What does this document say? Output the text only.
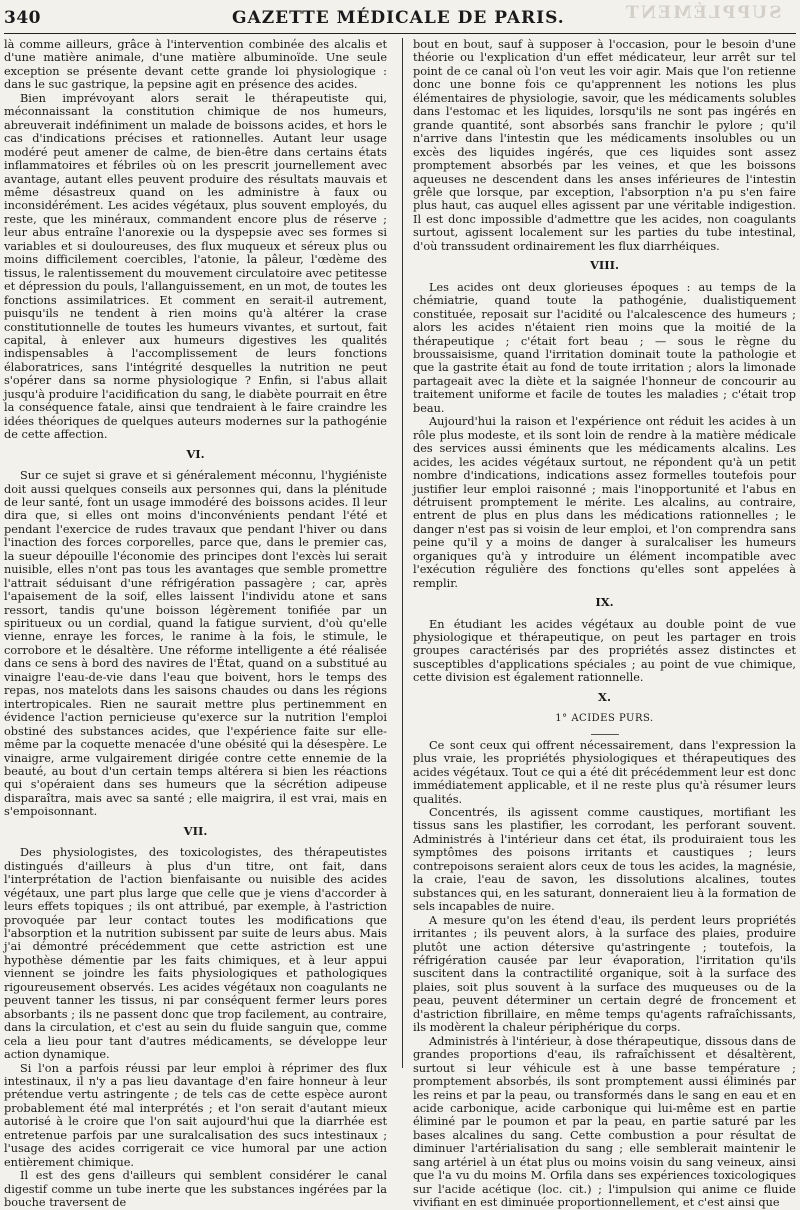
340	GAZETTE MÉDICALE DE PARIS.	SUPPLÉMENT

là comme ailleurs, grâce à l'intervention combinée des alcalis et d'une matière animale, d'une matière albuminoïde. Une seule exception se présente devant cette grande loi physiologique : dans le suc gastrique, la pepsine agit en présence des acides.

Bien imprévoyant alors serait le thérapeutiste qui, méconnaissant la constitution chimique de nos humeurs, abreuverait indéfiniment un malade de boissons acides, et hors le cas d'indications précises et rationnelles. Autant leur usage modéré peut amener de calme, de bien-être dans certains états inflammatoires et fébriles où on les prescrit journellement avec avantage, autant elles peuvent produire des résultats mauvais et même désastreux quand on les administre à faux ou inconsidérément. Les acides végétaux, plus souvent employés, du reste, que les minéraux, commandent encore plus de réserve ; leur abus entraîne l'anorexie ou la dyspepsie avec ses formes si variables et si douloureuses, des flux muqueux et séreux plus ou moins difficilement coercibles, l'atonie, la pâleur, l'œdème des tissus, le ralentissement du mouvement circulatoire avec petitesse et dépression du pouls, l'allanguissement, en un mot, de toutes les fonctions assimilatrices. Et comment en serait-il autrement, puisqu'ils ne tendent à rien moins qu'à altérer la crase constitutionnelle de toutes les humeurs vivantes, et surtout, fait capital, à enlever aux humeurs digestives les qualités indispensables à l'accomplissement de leurs fonctions élaboratrices, sans l'intégrité desquelles la nutrition ne peut s'opérer dans sa norme physiologique ? Enfin, si l'abus allait jusqu'à produire l'acidification du sang, le diabète pourrait en être la conséquence fatale, ainsi que tendraient à le faire craindre les idées théoriques de quelques auteurs modernes sur la pathogénie de cette affection.

VI.

Sur ce sujet si grave et si généralement méconnu, l'hygiéniste doit aussi quelques conseils aux personnes qui, dans la plénitude de leur santé, font un usage immodéré des boissons acides. Il leur dira que, si elles ont moins d'inconvénients pendant l'été et pendant l'exercice de rudes travaux que pendant l'hiver ou dans l'inaction des forces corporelles, parce que, dans le premier cas, la sueur dépouille l'économie des principes dont l'excès lui serait nuisible, elles n'ont pas tous les avantages que semble promettre l'attrait séduisant d'une réfrigération passagère ; car, après l'apaisement de la soif, elles laissent l'individu atone et sans ressort, tandis qu'une boisson légèrement tonifiée par un spiritueux ou un cordial, quand la fatigue survient, d'où qu'elle vienne, enraye les forces, le ranime à la fois, le stimule, le corrobore et le désaltère. Une réforme intelligente a été réalisée dans ce sens à bord des navires de l'État, quand on a substitué au vinaigre l'eau-de-vie dans l'eau que boivent, hors le temps des repas, nos matelots dans les saisons chaudes ou dans les régions intertropicales. Rien ne saurait mettre plus pertinemment en évidence l'action pernicieuse qu'exerce sur la nutrition l'emploi obstiné des substances acides, que l'expérience faite sur elle-même par la coquette menacée d'une obésité qui la désespère. Le vinaigre, arme vulgairement dirigée contre cette ennemie de la beauté, au bout d'un certain temps altérera si bien les réactions qui s'opéraient dans ses humeurs que la sécrétion adipeuse disparaîtra, mais avec sa santé ; elle maigrira, il est vrai, mais en s'empoisonnant.

VII.

Des physiologistes, des toxicologistes, des thérapeutistes distingués d'ailleurs à plus d'un titre, ont fait, dans l'interprétation de l'action bienfaisante ou nuisible des acides végétaux, une part plus large que celle que je viens d'accorder à leurs effets topiques ; ils ont attribué, par exemple, à l'astriction provoquée par leur contact toutes les modifications que l'absorption et la nutrition subissent par suite de leurs abus. Mais j'ai démontré précédemment que cette astriction est une hypothèse démentie par les faits chimiques, et à leur appui viennent se joindre les faits physiologiques et pathologiques rigoureusement observés. Les acides végétaux non coagulants ne peuvent tanner les tissus, ni par conséquent fermer leurs pores absorbants ; ils ne passent donc que trop facilement, au contraire, dans la circulation, et c'est au sein du fluide sanguin que, comme cela a lieu pour tant d'autres médicaments, se développe leur action dynamique.

Si l'on a parfois réussi par leur emploi à réprimer des flux intestinaux, il n'y a pas lieu davantage d'en faire honneur à leur prétendue vertu astringente ; de tels cas de cette espèce auront probablement été mal interprétés ; et l'on serait d'autant mieux autorisé à le croire que l'on sait aujourd'hui que la diarrhée est entretenue parfois par une suralcalisation des sucs intestinaux ; l'usage des acides corrigerait ce vice humoral par une action entièrement chimique.

Il est des gens d'ailleurs qui semblent considérer le canal digestif comme un tube inerte que les substances ingérées par la bouche traversent de

bout en bout, sauf à supposer à l'occasion, pour le besoin d'une théorie ou l'explication d'un effet médicateur, leur arrêt sur tel point de ce canal où l'on veut les voir agir. Mais que l'on retienne donc une bonne fois ce qu'apprennent les notions les plus élémentaires de physiologie, savoir, que les médicaments solubles dans l'estomac et les liquides, lorsqu'ils ne sont pas ingérés en grande quantité, sont absorbés sans franchir le pylore ; qu'il n'arrive dans l'intestin que les médicaments insolubles ou un excès des liquides ingérés, que ces liquides sont assez promptement absorbés par les veines, et que les boissons aqueuses ne descendent dans les anses inférieures de l'intestin grêle que lorsque, par exception, l'absorption n'a pu s'en faire plus haut, cas auquel elles agissent par une véritable indigestion. Il est donc impossible d'admettre que les acides, non coagulants surtout, agissent localement sur les parties du tube intestinal, d'où transsudent ordinairement les flux diarrhéiques.

VIII.

Les acides ont deux glorieuses époques : au temps de la chémiatrie, quand toute la pathogénie, dualistiquement constituée, reposait sur l'acidité ou l'alcalescence des humeurs ; alors les acides n'étaient rien moins que la moitié de la thérapeutique ; c'était fort beau ; — sous le règne du broussaisisme, quand l'irritation dominait toute la pathologie et que la gastrite était au fond de toute irritation ; alors la limonade partageait avec la diète et la saignée l'honneur de concourir au traitement uniforme et facile de toutes les maladies ; c'était trop beau.

Aujourd'hui la raison et l'expérience ont réduit les acides à un rôle plus modeste, et ils sont loin de rendre à la matière médicale des services aussi éminents que les médicaments alcalins. Les acides, les acides végétaux surtout, ne répondent qu'à un petit nombre d'indications, indications assez formelles toutefois pour justifier leur emploi raisonné ; mais l'inopportunité et l'abus en détruisent promptement le mérite. Les alcalins, au contraire, entrent de plus en plus dans les médications rationnelles ; le danger n'est pas si voisin de leur emploi, et l'on comprendra sans peine qu'il y a moins de danger à suralcaliser les humeurs organiques qu'à y introduire un élément incompatible avec l'exécution régulière des fonctions qu'elles sont appelées à remplir.

IX.

En étudiant les acides végétaux au double point de vue physiologique et thérapeutique, on peut les partager en trois groupes caractérisés par des propriétés assez distinctes et susceptibles d'applications spéciales ; au point de vue chimique, cette division est également rationnelle.

X.
1° ACIDES PURS.

Ce sont ceux qui offrent nécessairement, dans l'expression la plus vraie, les propriétés physiologiques et thérapeutiques des acides végétaux. Tout ce qui a été dit précédemment leur est donc immédiatement applicable, et il ne reste plus qu'à résumer leurs qualités.

Concentrés, ils agissent comme caustiques, mortifiant les tissus sans les plastifier, les corrodant, les perforant souvent. Administrés à l'intérieur dans cet état, ils produiraient tous les symptômes des poisons irritants et caustiques ; leurs contrepoisons seraient alors ceux de tous les acides, la magnésie, la craie, l'eau de savon, les dissolutions alcalines, toutes substances qui, en les saturant, donneraient lieu à la formation de sels incapables de nuire.

A mesure qu'on les étend d'eau, ils perdent leurs propriétés irritantes ; ils peuvent alors, à la surface des plaies, produire plutôt une action détersive qu'astringente ; toutefois, la réfrigération causée par leur évaporation, l'irritation qu'ils suscitent dans la contractilité organique, soit à la surface des plaies, soit plus souvent à la surface des muqueuses ou de la peau, peuvent déterminer un certain degré de froncement et d'astriction fibrillaire, en même temps qu'agents rafraîchissants, ils modèrent la chaleur périphérique du corps.

Administrés à l'intérieur, à dose thérapeutique, dissous dans de grandes proportions d'eau, ils rafraîchissent et désaltèrent, surtout si leur véhicule est à une basse température ; promptement absorbés, ils sont promptement aussi éliminés par les reins et par la peau, ou transformés dans le sang en eau et en acide carbonique, acide carbonique qui lui-même est en partie éliminé par le poumon et par la peau, en partie saturé par les bases alcalines du sang. Cette combustion a pour résultat de diminuer l'artérialisation du sang ; elle semblerait maintenir le sang artériel à un état plus ou moins voisin du sang veineux, ainsi que l'a vu du moins M. Orfila dans ses expériences toxicologiques sur l'acide acétique (loc. cit.) ; l'impulsion qui anime ce fluide vivifiant en est diminuée proportionnellement, et c'est ainsi que
